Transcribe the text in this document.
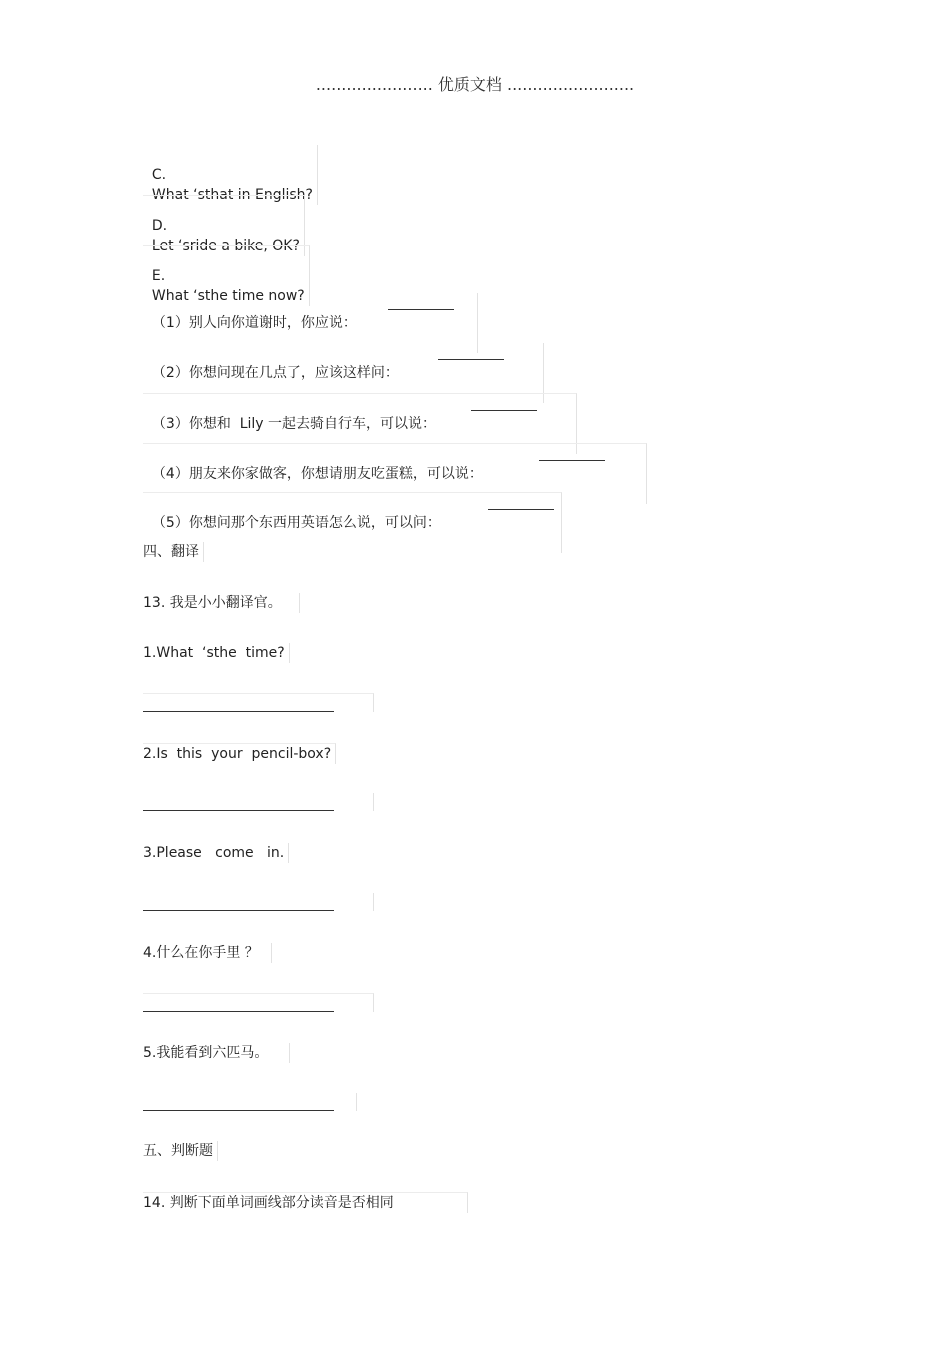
....................... 优质文档 .........................

C.
What ‘sthat in English?

D.
Let ‘sride a bike, OK?

E.
What ‘sthe time now?

（1）别人向你道谢时，你应说：

（2）你想问现在几点了，应该这样问：

（3）你想和  Lily 一起去骑自行车，可以说：

（4）朋友来你家做客，你想请朋友吃蛋糕，可以说：

（5）你想问那个东西用英语怎么说，可以问：

四、翻译
13. 我是小小翻译官。
1.What  ‘sthe  time?
2.Is  this  your  pencil-box?
3.Please   come   in.
4.什么在你手里 ？
5.我能看到六匹马。
五、判断题
14. 判断下面单词画线部分读音是否相同
